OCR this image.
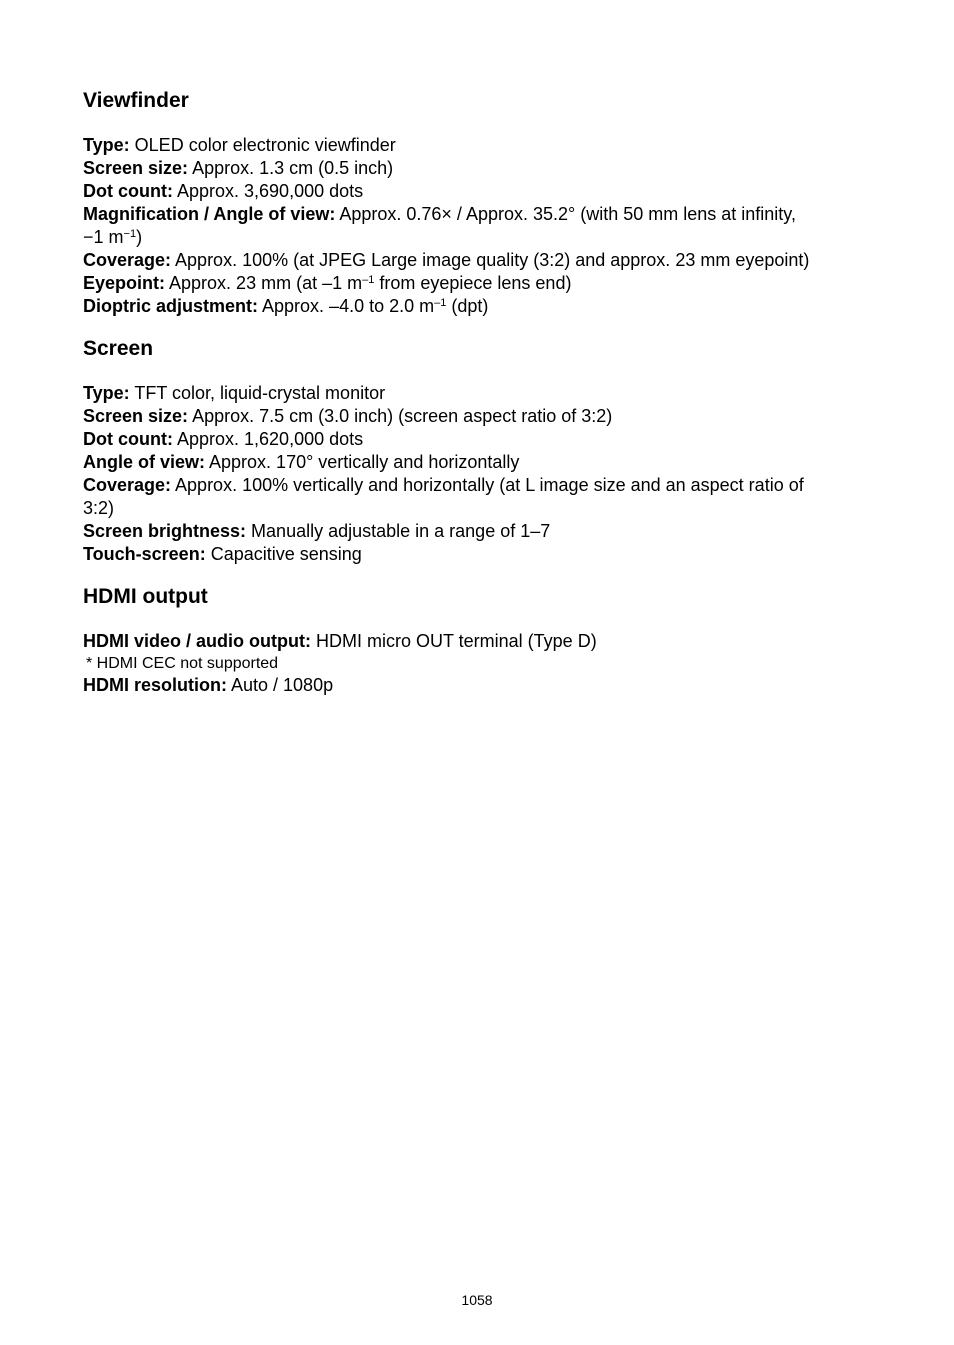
Viewfinder
Type: OLED color electronic viewfinder
Screen size: Approx. 1.3 cm (0.5 inch)
Dot count: Approx. 3,690,000 dots
Magnification / Angle of view: Approx. 0.76× / Approx. 35.2° (with 50 mm lens at infinity,
−1 $m^{-1}$)
Coverage: Approx. 100% (at JPEG Large image quality (3:2) and approx. 23 mm eyepoint)
Eyepoint: Approx. 23 mm (at –1 $m^{-1}$ from eyepiece lens end)
Dioptric adjustment: Approx. –4.0 to 2.0 $m^{-1}$ (dpt)
Screen
Type: TFT color, liquid-crystal monitor
Screen size: Approx. 7.5 cm (3.0 inch) (screen aspect ratio of 3:2)
Dot count: Approx. 1,620,000 dots
Angle of view: Approx. 170° vertically and horizontally
Coverage: Approx. 100% vertically and horizontally (at L image size and an aspect ratio of
3:2)
Screen brightness: Manually adjustable in a range of 1–7
Touch-screen: Capacitive sensing
HDMI output
HDMI video / audio output: HDMI micro OUT terminal (Type D)
* HDMI CEC not supported
HDMI resolution: Auto / 1080p
1058
